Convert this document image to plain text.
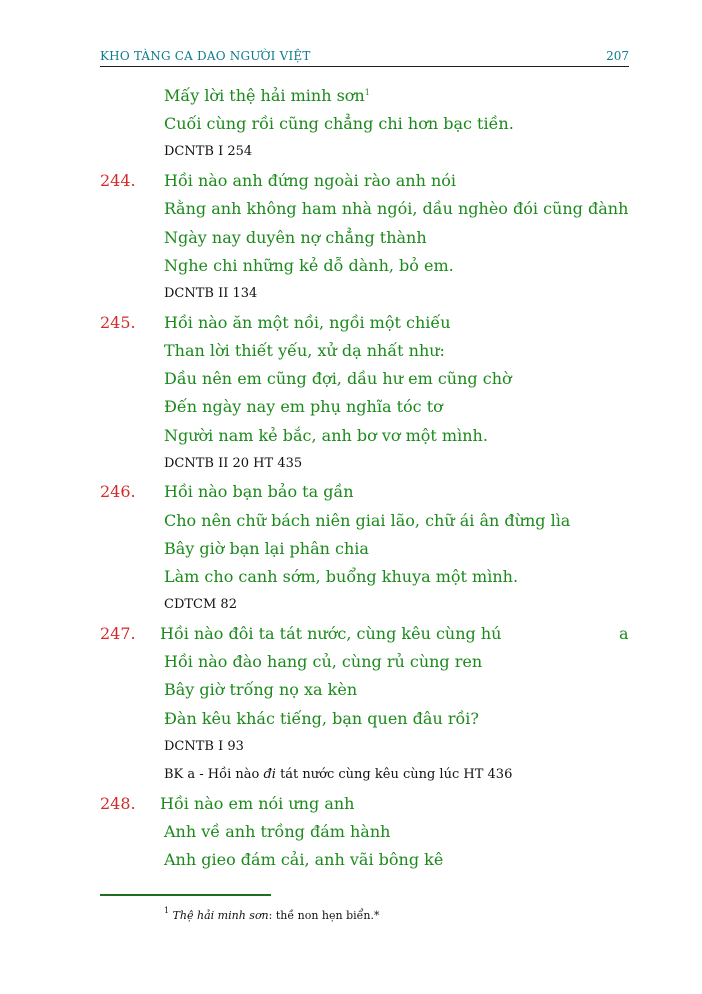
KHO TÀNG CA DAO NGƯỜI VIỆT	207
Mấy lời thệ hải minh sơn$^1$
Cuối cùng rồi cũng chẳng chi hơn bạc tiền.
DCNTB I 254
244. Hồi nào anh đứng ngoài rào anh nói
Rằng anh không ham nhà ngói, dầu nghèo đói cũng đành
Ngày nay duyên nợ chẳng thành
Nghe chi những kẻ dỗ dành, bỏ em.
DCNTB II 134
245. Hồi nào ăn một nồi, ngồi một chiếu
Than lời thiết yếu, xử dạ nhất như:
Dầu nên em cũng đợi, dầu hư em cũng chờ
Đến ngày nay em phụ nghĩa tóc tơ
Người nam kẻ bắc, anh bơ vơ một mình.
DCNTB II 20 HT 435
246. Hồi nào bạn bảo ta gần
Cho nên chữ bách niên giai lão, chữ ái ân đừng lìa
Bây giờ bạn lại phân chia
Làm cho canh sớm, buổng khuya một mình.
CDTCM 82
247. Hồi nào đôi ta tát nước, cùng kêu cùng hú	a
Hồi nào đào hang củ, cùng rủ cùng ren
Bây giờ trống nọ xa kèn
Đàn kêu khác tiếng, bạn quen đâu rồi?
DCNTB I 93
BK a - Hồi nào đi tát nước cùng kêu cùng lúc HT 436
248. Hồi nào em nói ưng anh
Anh về anh trồng đám hành
Anh gieo đám cải, anh vãi bông kê
$^1$ Thệ hải minh sơn: thề non hẹn biển.*
